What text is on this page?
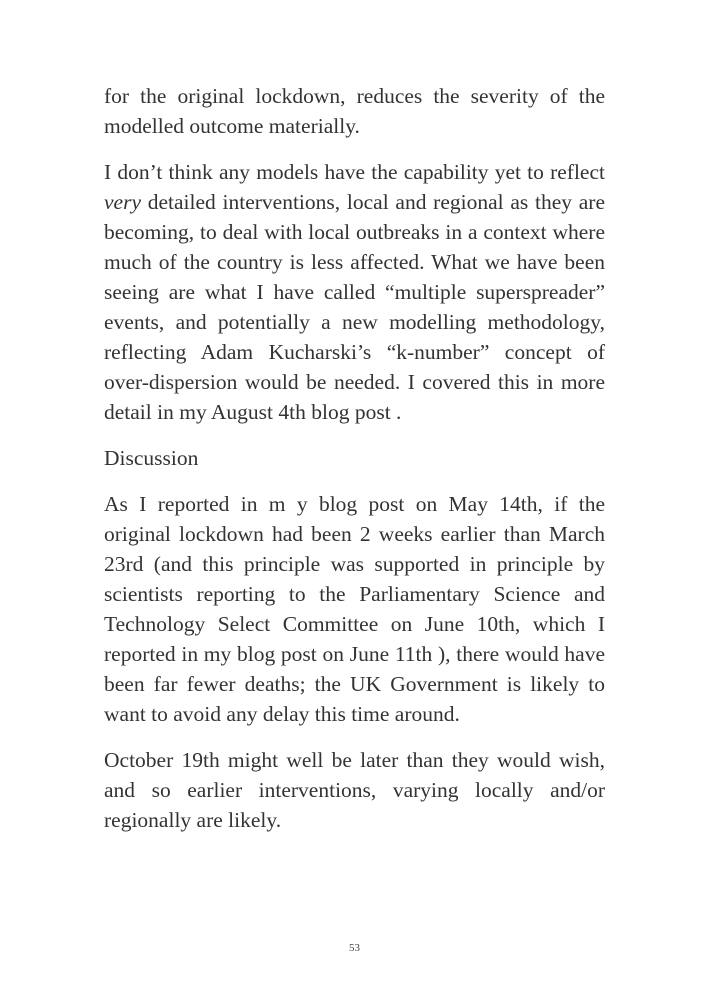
for the original lockdown, reduces the severity of the modelled outcome materially.

I don’t think any models have the capability yet to reflect very detailed interventions, local and regional as they are becoming, to deal with local outbreaks in a context where much of the country is less affected. What we have been seeing are what I have called “multiple superspreader” events, and potentially a new modelling methodology, reflecting Adam Kucharski’s “k-number” concept of over-dispersion would be needed. I covered this in more detail in my August 4th blog post .

Discussion

As I reported in m y blog post on May 14th, if the original lockdown had been 2 weeks earlier than March 23rd (and this principle was supported in principle by scientists reporting to the Parliamentary Science and Technology Select Committee on June 10th, which I reported in my blog post on June 11th ), there would have been far fewer deaths; the UK Government is likely to want to avoid any delay this time around.

October 19th might well be later than they would wish, and so earlier interventions, varying locally and/or regionally are likely.

53
